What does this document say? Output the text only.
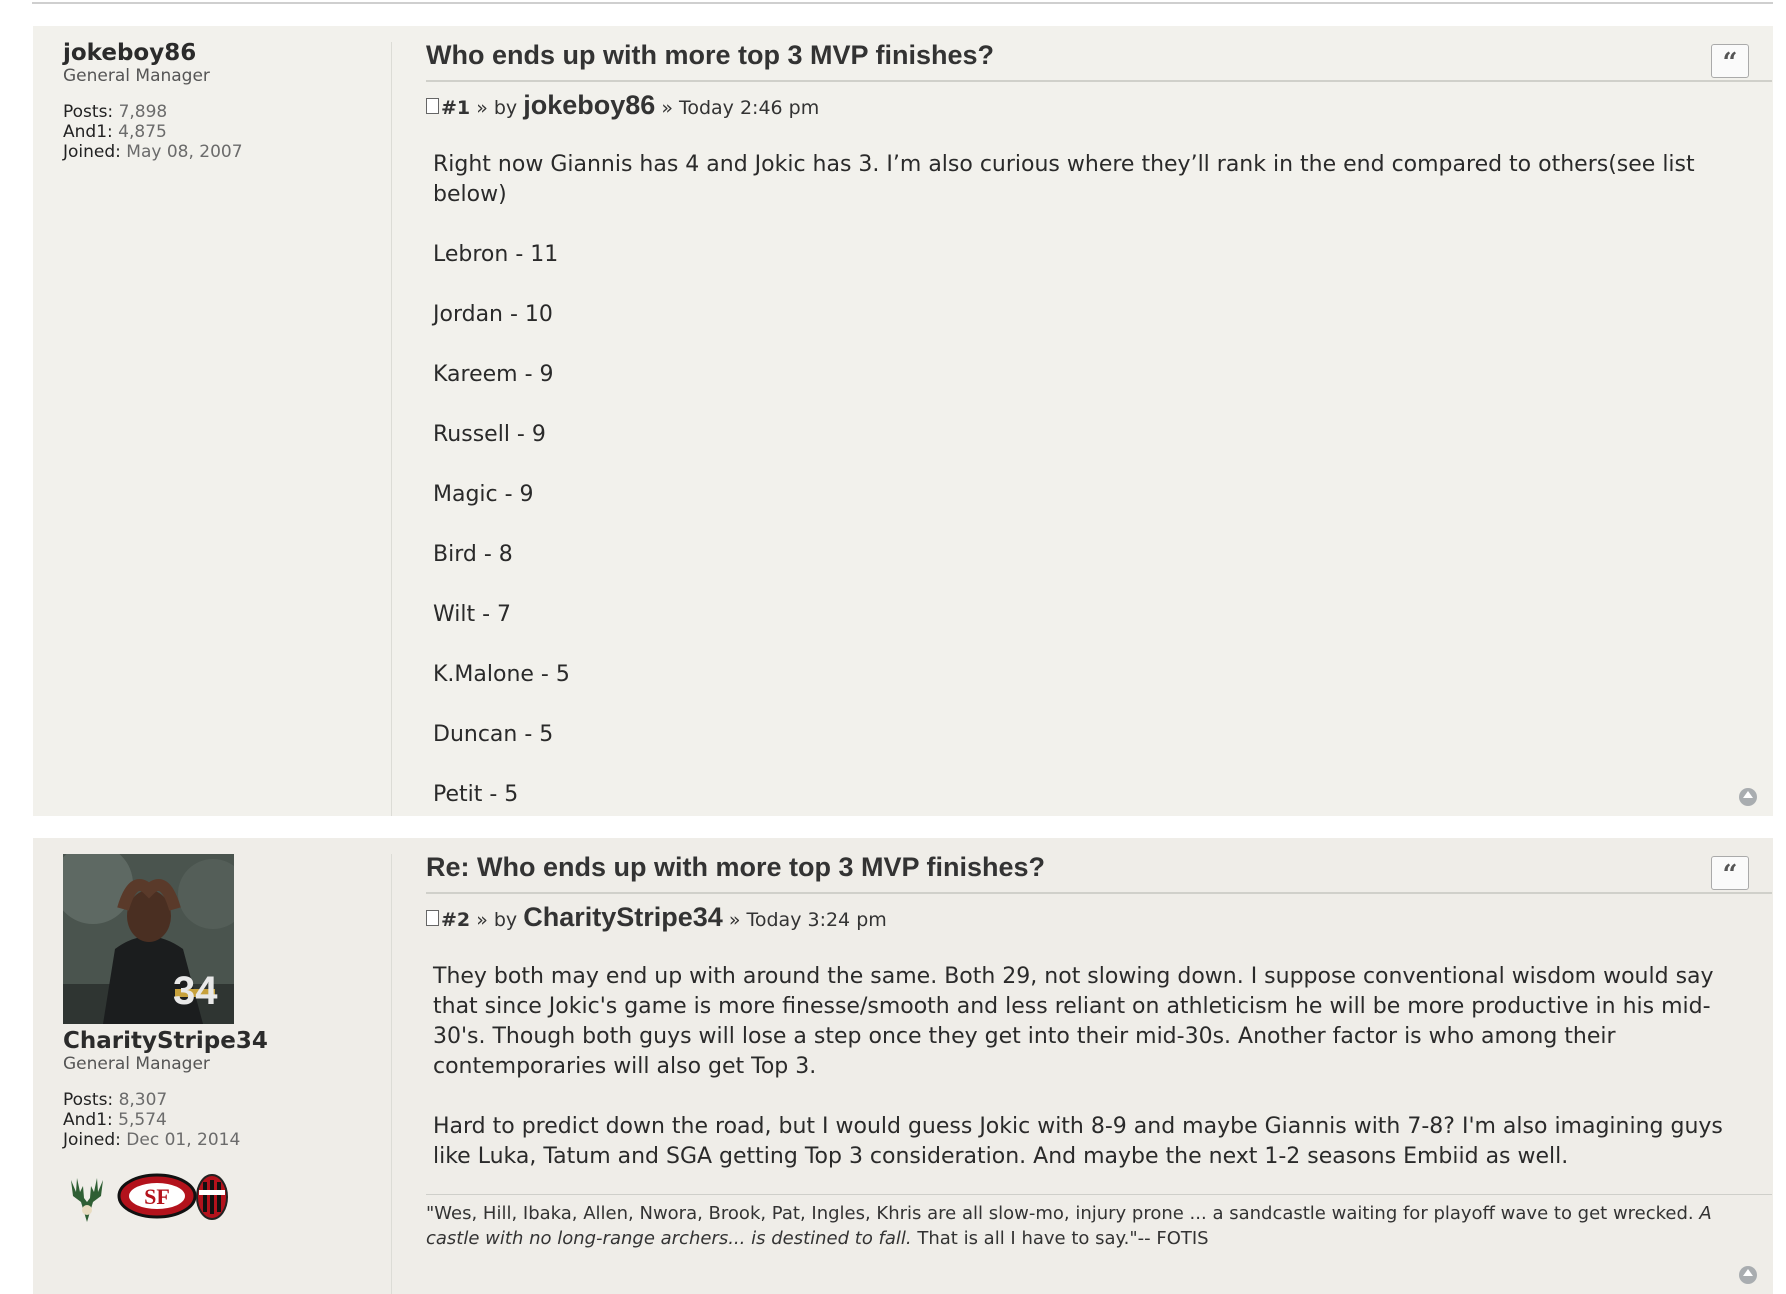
jokeboy86
General Manager
Posts: 7,898
And1: 4,875
Joined: May 08, 2007
Who ends up with more top 3 MVP finishes?
#1 » by jokeboy86 » Today 2:46 pm

Right now Giannis has 4 and Jokic has 3. I’m also curious where they’ll rank in the end compared to others(see list below)

Lebron - 11
Jordan - 10
Kareem - 9
Russell - 9
Magic - 9
Bird - 8
Wilt - 7
K.Malone - 5
Duncan - 5
Petit - 5
“
34
CharityStripe34
General Manager
Posts: 8,307
And1: 5,574
Joined: Dec 01, 2014
SF
Re: Who ends up with more top 3 MVP finishes?
#2 » by CharityStripe34 » Today 3:24 pm

They both may end up with around the same. Both 29, not slowing down. I suppose conventional wisdom would say that since Jokic's game is more finesse/smooth and less reliant on athleticism he will be more productive in his mid-30's. Though both guys will lose a step once they get into their mid-30s. Another factor is who among their contemporaries will also get Top 3.

Hard to predict down the road, but I would guess Jokic with 8-9 and maybe Giannis with 7-8? I'm also imagining guys like Luka, Tatum and SGA getting Top 3 consideration. And maybe the next 1-2 seasons Embiid as well.

"Wes, Hill, Ibaka, Allen, Nwora, Brook, Pat, Ingles, Khris are all slow-mo, injury prone ... a sandcastle waiting for playoff wave to get wrecked. A castle with no long-range archers... is destined to fall. That is all I have to say."-- FOTIS
“
